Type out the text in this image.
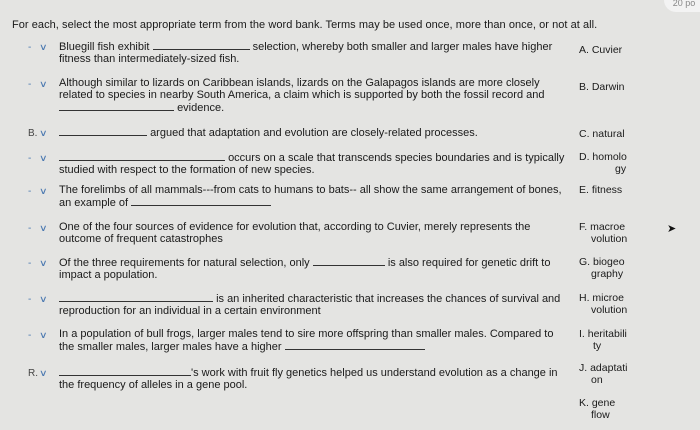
20 po
For each, select the most appropriate term from the word bank. Terms may be used once, more than once, or not at all.
- ∨ Bluegill fish exhibit	selection, whereby both smaller and larger males have higher
fitness than intermediately-sized fish.
- ∨ Although similar to lizards on Caribbean islands, lizards on the Galapagos islands are more closely
related to species in nearby South America, a claim which is supported by both the fossil record and
evidence.
B. ∨	argued that adaptation and evolution are closely-related processes.
- ∨	occurs on a scale that transcends species boundaries and is typically
studied with respect to the formation of new species.
- ∨ The forelimbs of all mammals---from cats to humans to bats-- all show the same arrangement of bones,
an example of
- ∨ One of the four sources of evidence for evolution that, according to Cuvier, merely represents the
outcome of frequent catastrophes
- ∨ Of the three requirements for natural selection, only	is also required for genetic drift to
impact a population.
- ∨	is an inherited characteristic that increases the chances of survival and
reproduction for an individual in a certain environment
- ∨ In a population of bull frogs, larger males tend to sire more offspring than smaller males. Compared to
the smaller males, larger males have a higher
R. ∨	's work with fruit fly genetics helped us understand evolution as a change in
the frequency of alleles in a gene pool.
A. Cuvier
B. Darwin
C. natural
D. homolo
gy
E. fitness
F. macroe
volution
G. biogeo
graphy
H. microe
volution
I. heritabili
ty
J. adaptati
on
K. gene
flow
➤
